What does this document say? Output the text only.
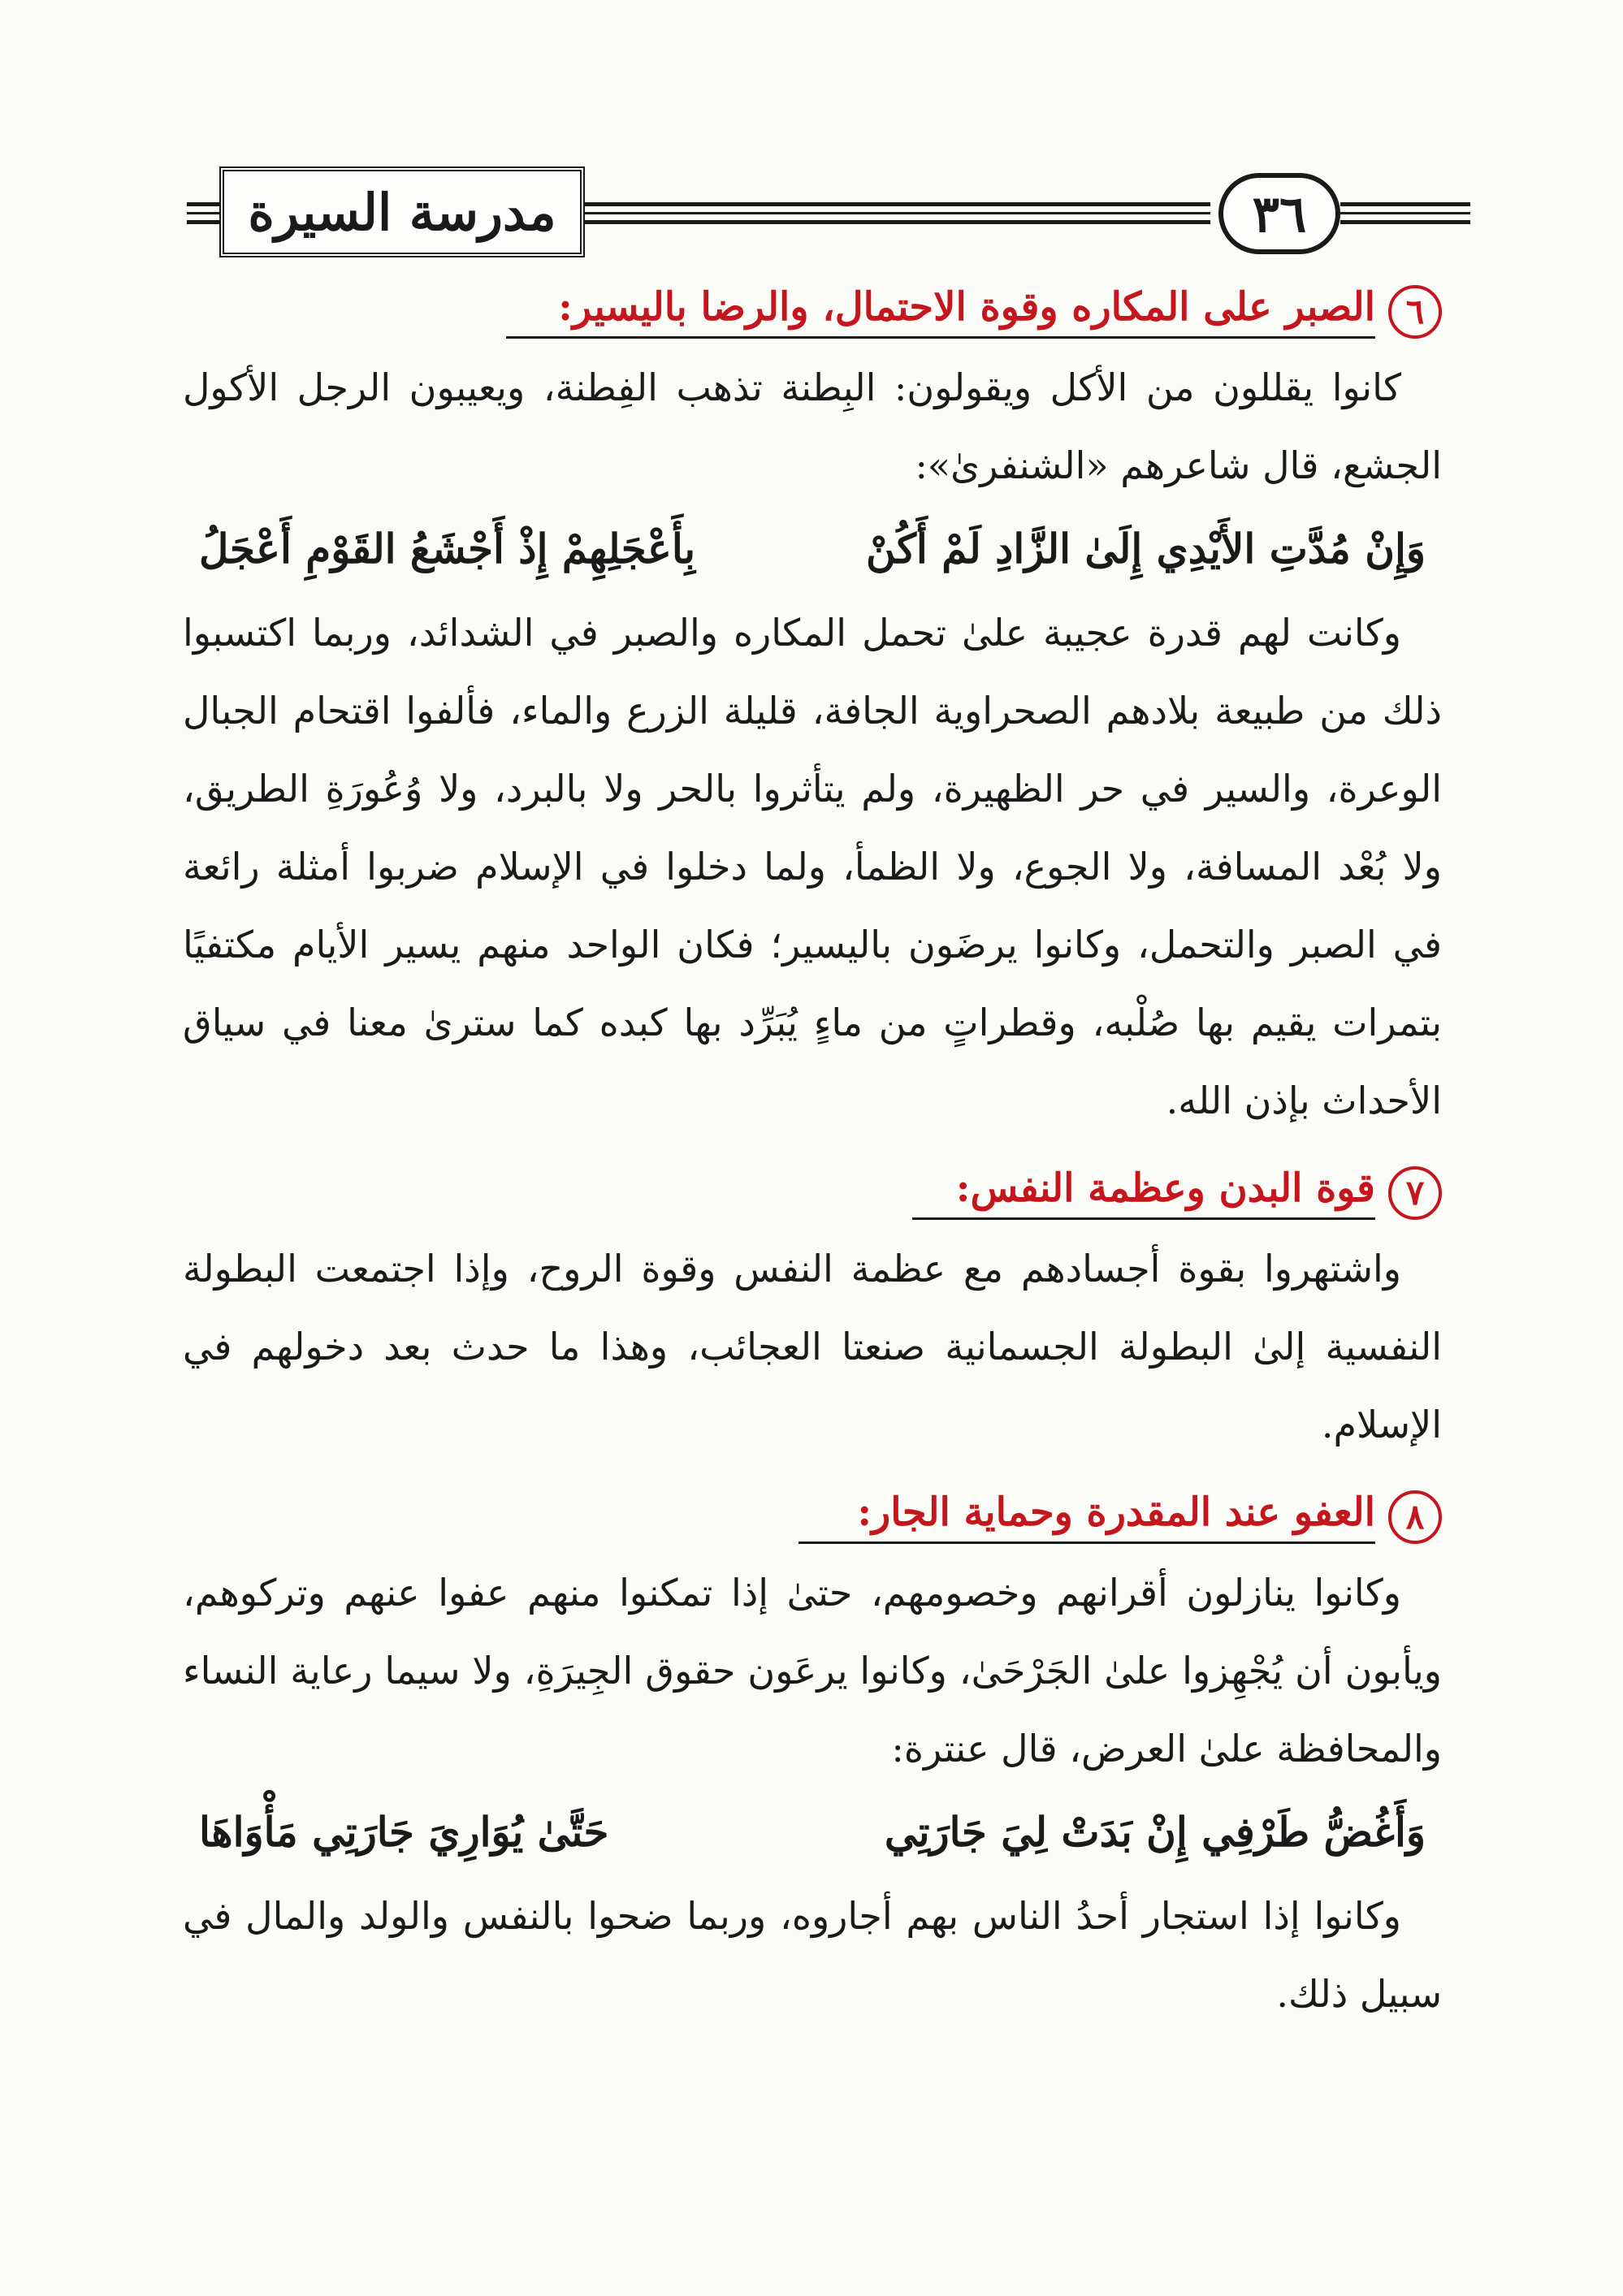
مدرسة السيرة	٣٦
٦
الصبر على المكاره وقوة الاحتمال، والرضا باليسير:

كانوا يقللون من الأكل ويقولون: البِطنة تذهب الفِطنة، ويعيبون الرجل الأكول الجشع، قال شاعرهم «الشنفرىٰ»:

وَإِنْ مُدَّتِ الأَيْدِي إِلَىٰ الزَّادِ لَمْ أَكُنْ
بِأَعْجَلِهِمْ إِذْ أَجْشَعُ القَوْمِ أَعْجَلُ

وكانت لهم قدرة عجيبة علىٰ تحمل المكاره والصبر في الشدائد، وربما اكتسبوا ذلك من طبيعة بلادهم الصحراوية الجافة، قليلة الزرع والماء، فألفوا اقتحام الجبال الوعرة، والسير في حر الظهيرة، ولم يتأثروا بالحر ولا بالبرد، ولا وُعُورَةِ الطريق، ولا بُعْد المسافة، ولا الجوع، ولا الظمأ، ولما دخلوا في الإسلام ضربوا أمثلة رائعة في الصبر والتحمل، وكانوا يرضَون باليسير؛ فكان الواحد منهم يسير الأيام مكتفيًا بتمرات يقيم بها صُلْبه، وقطراتٍ من ماءٍ يُبَرِّد بها كبده كما سترىٰ معنا في سياق الأحداث بإذن الله.

٧
قوة البدن وعظمة النفس:

واشتهروا بقوة أجسادهم مع عظمة النفس وقوة الروح، وإذا اجتمعت البطولة النفسية إلىٰ البطولة الجسمانية صنعتا العجائب، وهذا ما حدث بعد دخولهم في الإسلام.

٨
العفو عند المقدرة وحماية الجار:

وكانوا ينازلون أقرانهم وخصومهم، حتىٰ إذا تمكنوا منهم عفوا عنهم وتركوهم، ويأبون أن يُجْهِزوا علىٰ الجَرْحَىٰ، وكانوا يرعَون حقوق الجِيرَةِ، ولا سيما رعاية النساء والمحافظة علىٰ العرض، قال عنترة:

وَأَغُضُّ طَرْفِي إِنْ بَدَتْ لِيَ جَارَتِي
حَتَّىٰ يُوَارِيَ جَارَتِي مَأْوَاهَا

وكانوا إذا استجار أحدُ الناس بهم أجاروه، وربما ضحوا بالنفس والولد والمال في سبيل ذلك.
